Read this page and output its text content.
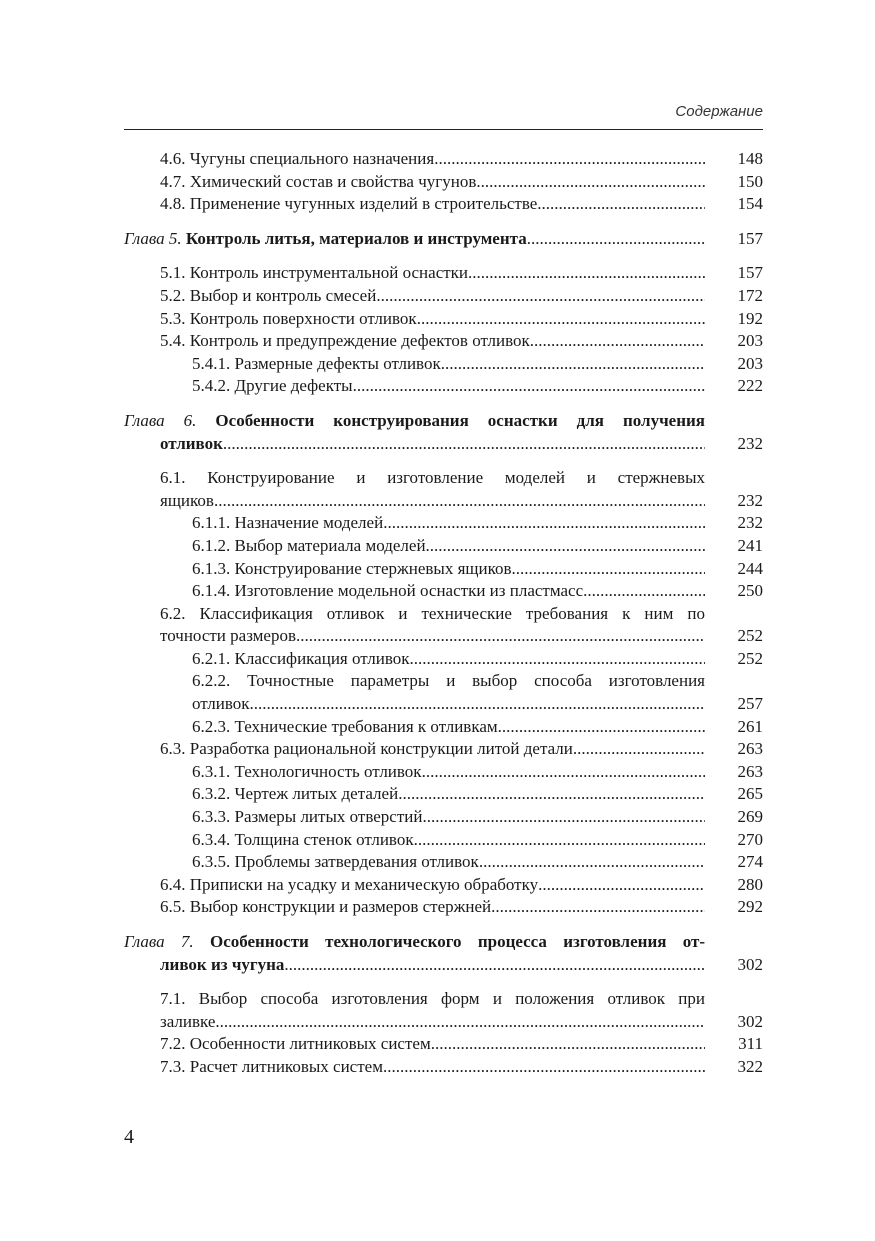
Содержание
4.6. Чугуны специального назначения .....	148
4.7. Химический состав и свойства чугунов .....	150
4.8. Применение чугунных изделий в строительстве .....	154
Глава 5. Контроль литья, материалов и инструмента .....	157
5.1. Контроль инструментальной оснастки .....	157
5.2. Выбор и контроль смесей .....	172
5.3. Контроль поверхности отливок .....	192
5.4. Контроль и предупреждение дефектов отливок .....	203
5.4.1. Размерные дефекты отливок .....	203
5.4.2. Другие дефекты .....	222
Глава 6. Особенности конструирования оснастки для получения
отливок .....	232
6.1. Конструирование и изготовление моделей и стержневых
ящиков .....	232
6.1.1. Назначение моделей .....	232
6.1.2. Выбор материала моделей .....	241
6.1.3. Конструирование стержневых ящиков .....	244
6.1.4. Изготовление модельной оснастки из пластмасс .....	250
6.2. Классификация отливок и технические требования к ним по
точности размеров .....	252
6.2.1. Классификация отливок .....	252
6.2.2. Точностные параметры и выбор способа изготовления
отливок .....	257
6.2.3. Технические требования к отливкам .....	261
6.3. Разработка рациональной конструкции литой детали .....	263
6.3.1. Технологичность отливок .....	263
6.3.2. Чертеж литых деталей .....	265
6.3.3. Размеры литых отверстий .....	269
6.3.4. Толщина стенок отливок .....	270
6.3.5. Проблемы затвердевания отливок .....	274
6.4. Приписки на усадку и механическую обработку .....	280
6.5. Выбор конструкции и размеров стержней .....	292
Глава 7. Особенности технологического процесса изготовления от-
ливок из чугуна .....	302
7.1. Выбор способа изготовления форм и положения отливок при
заливке .....	302
7.2. Особенности литниковых систем .....	311
7.3. Расчет литниковых систем .....	322
4
